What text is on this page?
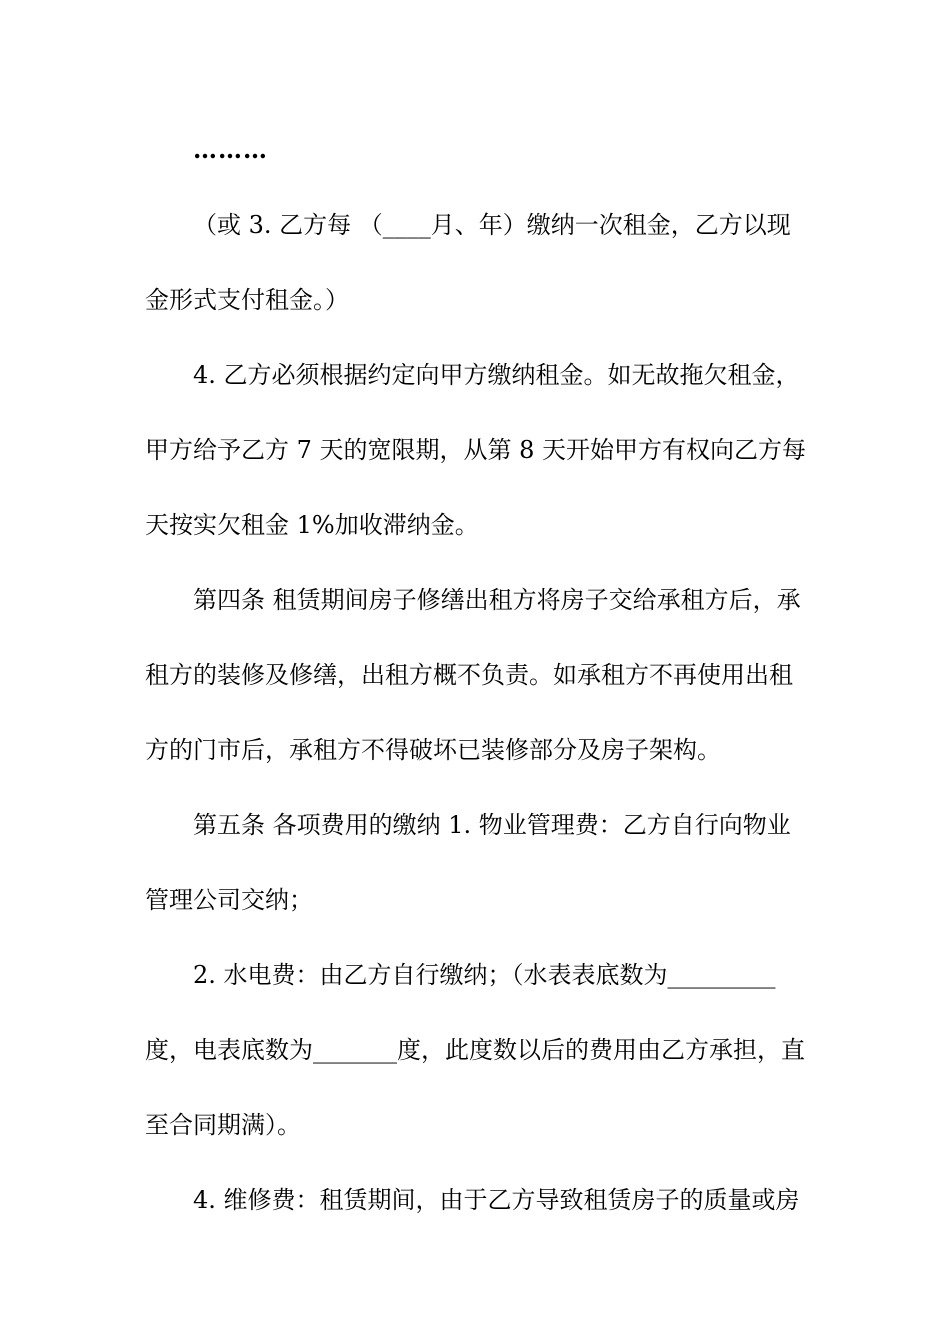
………
（或 3. 乙方每 （____月、年）缴纳一次租金，乙方以现
金形式支付租金。）
4. 乙方必须根据约定向甲方缴纳租金。如无故拖欠租金，
甲方给予乙方 7 天的宽限期，从第 8 天开始甲方有权向乙方每
天按实欠租金 1%加收滞纳金。
第四条 租赁期间房子修缮出租方将房子交给承租方后，承
租方的装修及修缮，出租方概不负责。如承租方不再使用出租
方的门市后，承租方不得破坏已装修部分及房子架构。
第五条 各项费用的缴纳 1. 物业管理费：乙方自行向物业
管理公司交纳；
2. 水电费：由乙方自行缴纳；（水表表底数为_________
度，电表底数为_______度，此度数以后的费用由乙方承担，直
至合同期满）。
4. 维修费：租赁期间，由于乙方导致租赁房子的质量或房
